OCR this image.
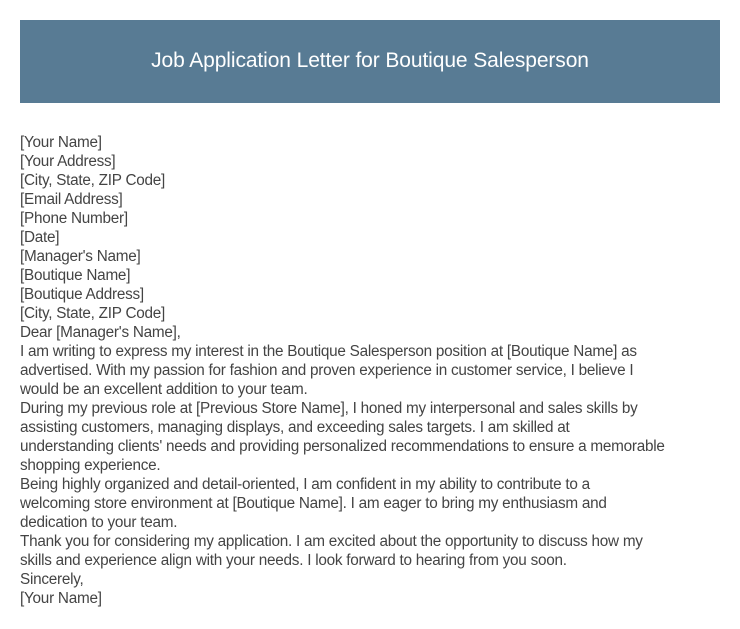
Job Application Letter for Boutique Salesperson
[Your Name]
[Your Address]
[City, State, ZIP Code]
[Email Address]
[Phone Number]
[Date]
[Manager's Name]
[Boutique Name]
[Boutique Address]
[City, State, ZIP Code]
Dear [Manager's Name],
I am writing to express my interest in the Boutique Salesperson position at [Boutique Name] as
advertised. With my passion for fashion and proven experience in customer service, I believe I
would be an excellent addition to your team.
During my previous role at [Previous Store Name], I honed my interpersonal and sales skills by
assisting customers, managing displays, and exceeding sales targets. I am skilled at
understanding clients' needs and providing personalized recommendations to ensure a memorable
shopping experience.
Being highly organized and detail-oriented, I am confident in my ability to contribute to a
welcoming store environment at [Boutique Name]. I am eager to bring my enthusiasm and
dedication to your team.
Thank you for considering my application. I am excited about the opportunity to discuss how my
skills and experience align with your needs. I look forward to hearing from you soon.
Sincerely,
[Your Name]
